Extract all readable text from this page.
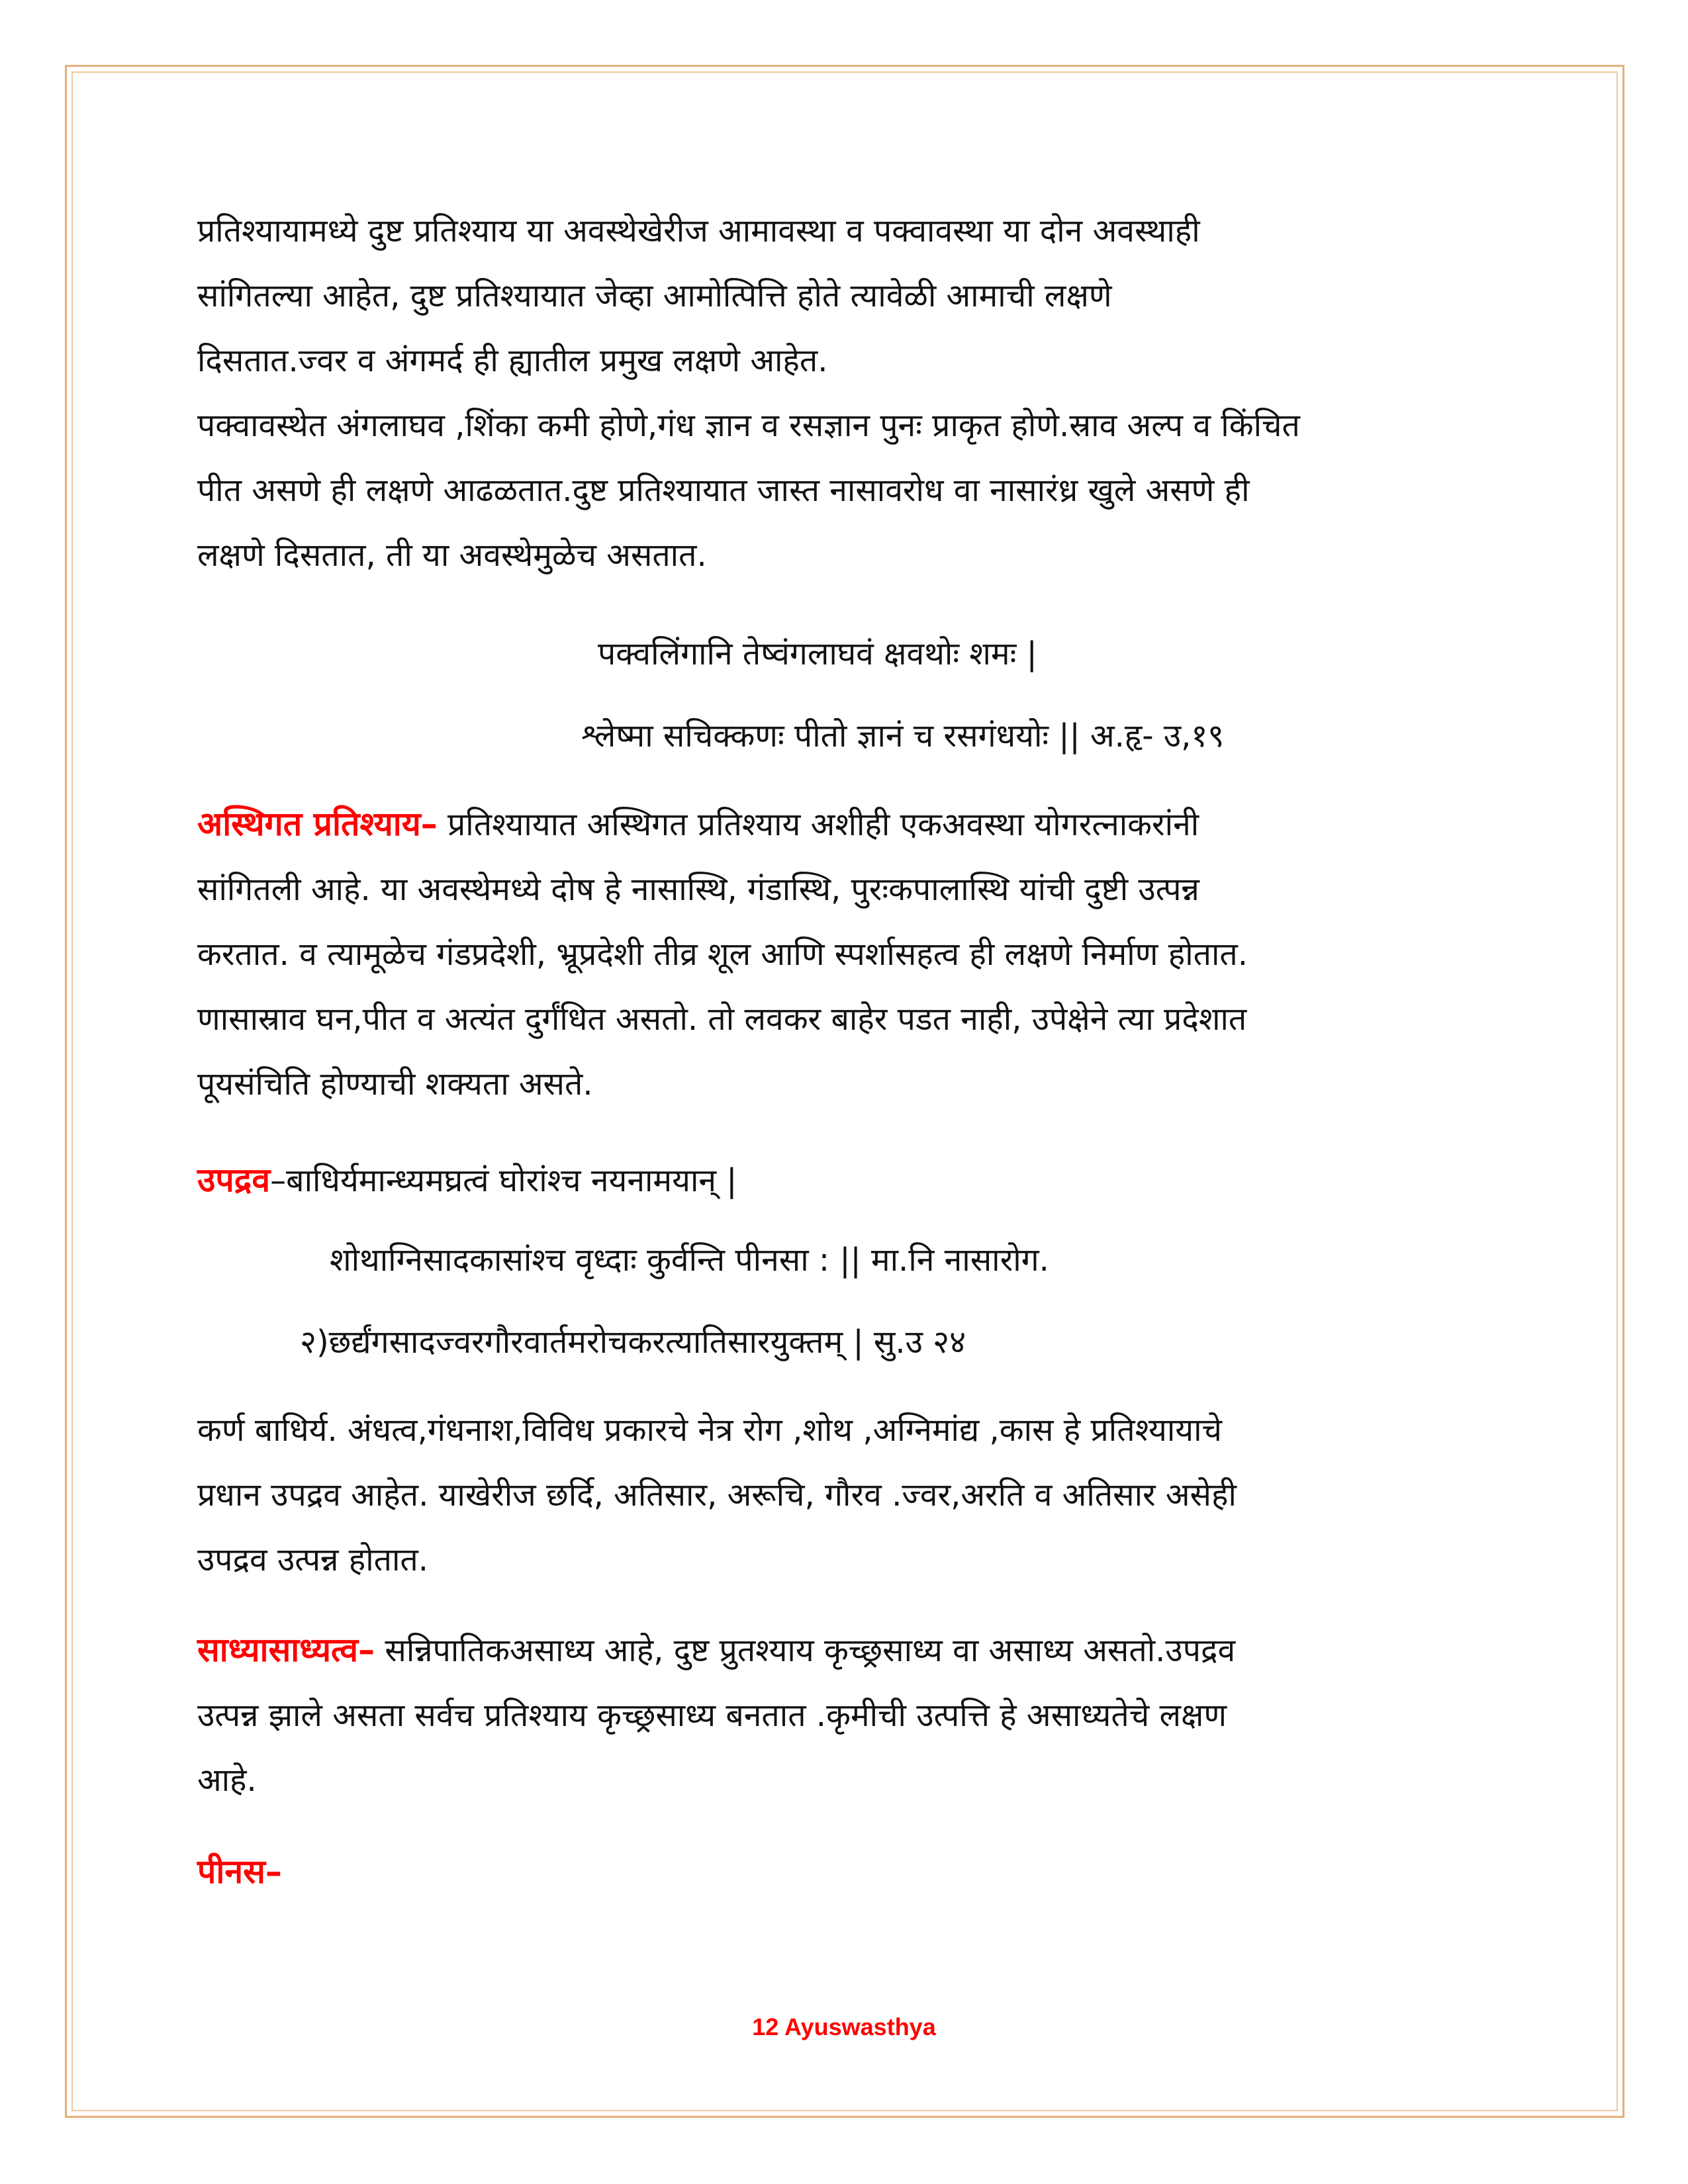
प्रतिश्यायामध्ये दुष्ट प्रतिश्याय या अवस्थेखेरीज आमावस्था व पक्वावस्था या दोन अवस्थाही
सांगितल्या आहेत, दुष्ट प्रतिश्यायात जेव्हा आमोत्पित्ति होते त्यावेळी आमाची लक्षणे
दिसतात.ज्वर व अंगमर्द ही ह्यातील प्रमुख लक्षणे आहेत.
पक्वावस्थेत अंगलाघव ,शिंका कमी होणे,गंध ज्ञान व रसज्ञान पुनः प्राकृत होणे.स्राव अल्प व किंचित
पीत असणे ही लक्षणे आढळतात.दुष्ट प्रतिश्यायात जास्त नासावरोध वा नासारंध्र खुले असणे ही
लक्षणे दिसतात, ती या अवस्थेमुळेच असतात.
पक्वलिंगानि तेष्वंगलाघवं क्षवथोः शमः |
श्लेष्मा सचिक्कणः पीतो ज्ञानं च रसगंधयोः || अ.हृ- उ,१९
अस्थिगत प्रतिश्याय– प्रतिश्यायात अस्थिगत प्रतिश्याय अशीही एकअवस्था योगरत्नाकरांनी
सांगितली आहे. या अवस्थेमध्ये दोष हे नासास्थि, गंडास्थि, पुरःकपालास्थि यांची दुष्टी उत्पन्न
करतात. व त्यामूळेच गंडप्रदेशी, भ्रूप्रदेशी तीव्र शूल आणि स्पर्शासहत्व ही लक्षणे निर्माण होतात.
णासास्राव घन,पीत व अत्यंत दुर्गंधित असतो. तो लवकर बाहेर पडत नाही, उपेक्षेने त्या प्रदेशात
पूयसंचिति होण्याची शक्यता असते.
उपद्रव–बाधिर्यमान्ध्यमघ्रत्वं घोरांश्च नयनामयान् |
शोथाग्निसादकासांश्च वृध्दाः कुर्वन्ति पीनसा : || मा.नि नासारोग.
२)छर्द्यंगसादज्वरगौरवार्तमरोचकरत्यातिसारयुक्तम् | सु.उ २४
कर्ण बाधिर्य. अंधत्व,गंधनाश,विविध प्रकारचे नेत्र रोग ,शोथ ,अग्निमांद्य ,कास हे प्रतिश्यायाचे
प्रधान उपद्रव आहेत. याखेरीज छर्दि, अतिसार, अरूचि, गौरव .ज्वर,अरति व अतिसार असेही
उपद्रव उत्पन्न होतात.
साध्यासाध्यत्व– सन्निपातिकअसाध्य आहे, दुष्ट प्रुतश्याय कृच्छ्रसाध्य वा असाध्य असतो.उपद्रव
उत्पन्न झाले असता सर्वच प्रतिश्याय कृच्छ्रसाध्य बनतात .कृमीची उत्पत्ति हे असाध्यतेचे लक्षण
आहे.
पीनस–
12 Ayuswasthya
